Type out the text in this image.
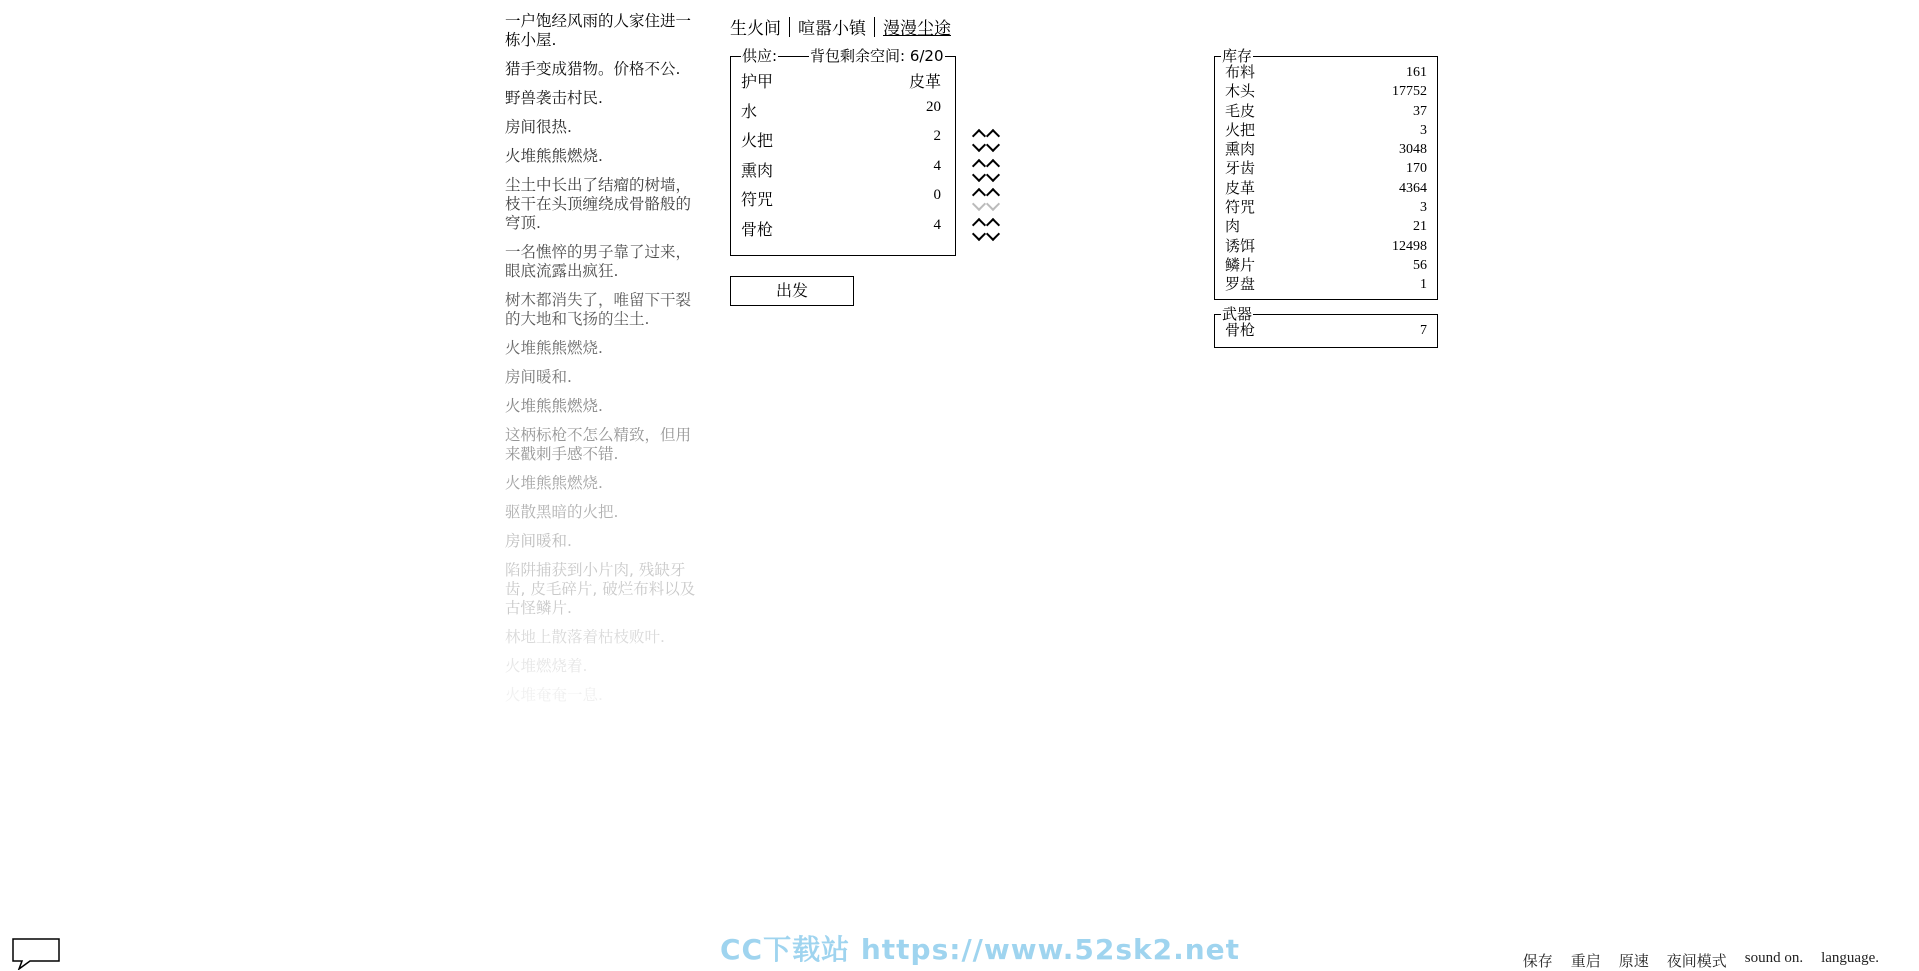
一户饱经风雨的人家住进一栋小屋.
猎手变成猎物。价格不公.
野兽袭击村民.
房间很热.
火堆熊熊燃烧.
尘土中长出了结瘤的树墙，枝干在头顶缠绕成骨骼般的穹顶.
一名憔悴的男子靠了过来，眼底流露出疯狂.
树木都消失了，唯留下干裂的大地和飞扬的尘土.
火堆熊熊燃烧.
房间暖和.
火堆熊熊燃烧.
这柄标枪不怎么精致，但用来戳刺手感不错.
火堆熊熊燃烧.
驱散黑暗的火把.
房间暖和.
陷阱捕获到小片肉, 残缺牙齿, 皮毛碎片, 破烂布料以及古怪鳞片.
林地上散落着枯枝败叶.
火堆燃烧着.
火堆奄奄一息.
生火间	喧嚣小镇	漫漫尘途
供应: 背包剩余空间: 6/20
护甲	皮革
水	20
火把	2
熏肉	4
符咒	0
骨枪	4
出发
库存
布料	161
木头	17752
毛皮	37
火把	3
熏肉	3048
牙齿	170
皮革	4364
符咒	3
肉	21
诱饵	12498
鳞片	56
罗盘	1
武器
骨枪	7
CC下载站 https://www.52sk2.net	保存 重启 原速 夜间模式 sound on. language.
